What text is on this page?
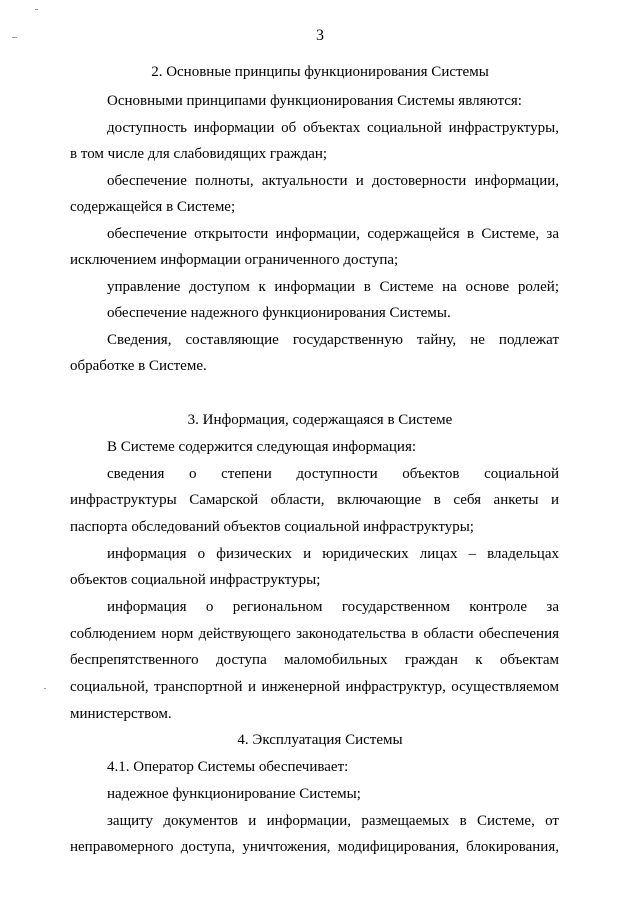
3
2. Основные принципы функционирования Системы
Основными принципами функционирования Системы являются:
доступность информации об объектах социальной инфраструктуры,
в том числе для слабовидящих граждан;
обеспечение полноты, актуальности и достоверности информации,
содержащейся в Системе;
обеспечение открытости информации, содержащейся в Системе, за
исключением информации ограниченного доступа;
управление доступом к информации в Системе на основе ролей;
обеспечение надежного функционирования Системы.
Сведения, составляющие государственную тайну, не подлежат
обработке в Системе.
3. Информация, содержащаяся в Системе
В Системе содержится следующая информация:
сведения о степени доступности объектов социальной
инфраструктуры Самарской области, включающие в себя анкеты и
паспорта обследований объектов социальной инфраструктуры;
информация о физических и юридических лицах – владельцах
объектов социальной инфраструктуры;
информация о региональном государственном контроле за
соблюдением норм действующего законодательства в области обеспечения
беспрепятственного доступа маломобильных граждан к объектам
социальной, транспортной и инженерной инфраструктур, осуществляемом
министерством.
4. Эксплуатация Системы
4.1. Оператор Системы обеспечивает:
надежное функционирование Системы;
защиту документов и информации, размещаемых в Системе, от
неправомерного доступа, уничтожения, модифицирования, блокирования,
